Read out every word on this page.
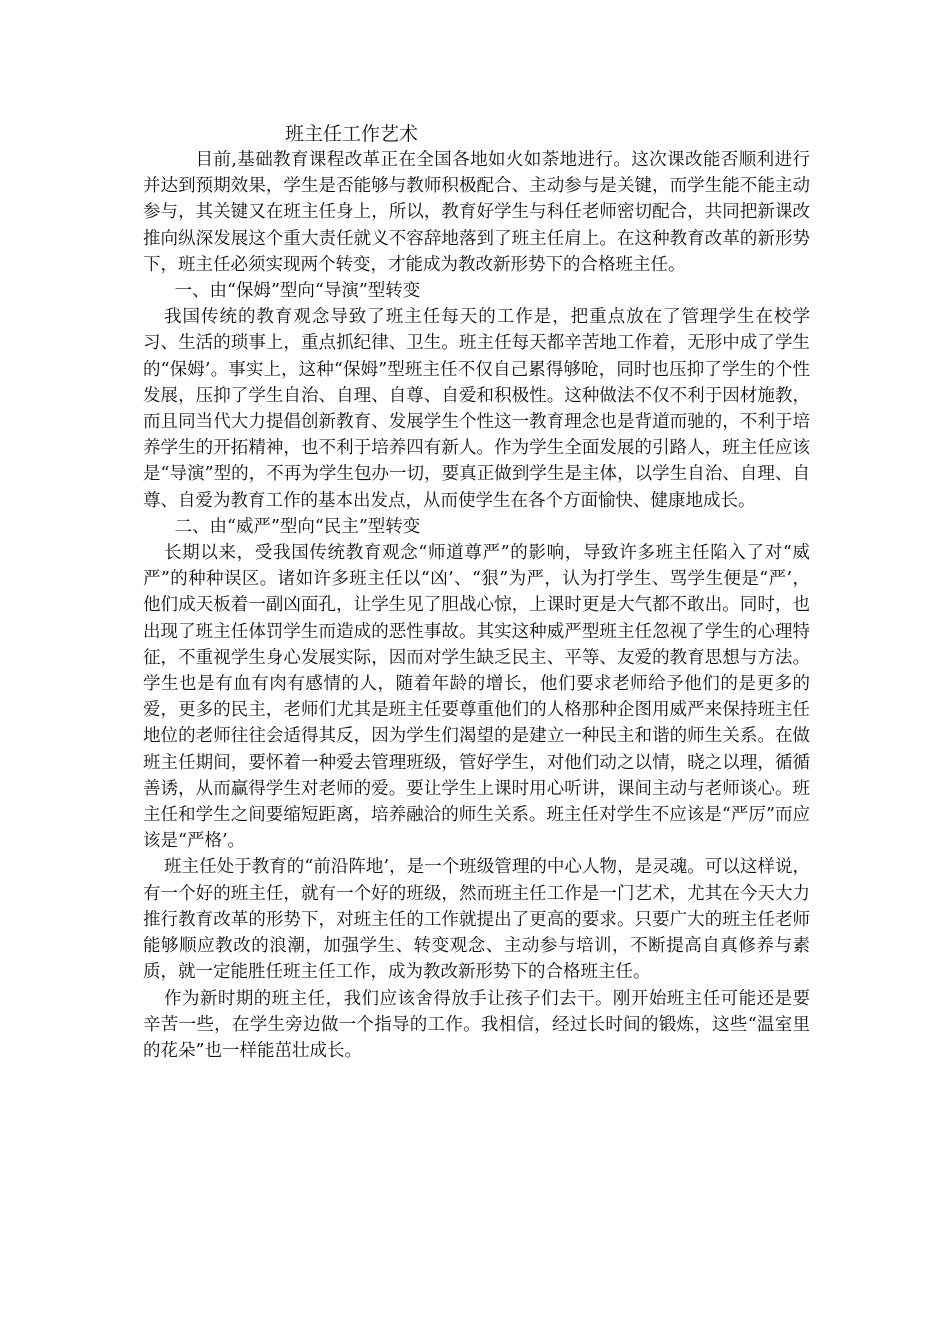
班主任工作艺术

目前,基础教育课程改革正在全国各地如火如荼地进行。这次课改能否顺利进行并达到预期效果，学生是否能够与教师积极配合、主动参与是关键，而学生能不能主动参与，其关键又在班主任身上，所以，教育好学生与科任老师密切配合，共同把新课改推向纵深发展这个重大责任就义不容辞地落到了班主任肩上。在这种教育改革的新形势下，班主任必须实现两个转变，才能成为教改新形势下的合格班主任。

一、由“保姆”型向“导演”型转变

我国传统的教育观念导致了班主任每天的工作是，把重点放在了管理学生在校学习、生活的琐事上，重点抓纪律、卫生。班主任每天都辛苦地工作着，无形中成了学生的“保姆’。事实上，这种“保姆”型班主任不仅自己累得够呛，同时也压抑了学生的个性发展，压抑了学生自治、自理、自尊、自爱和积极性。这种做法不仅不利于因材施教，而且同当代大力提倡创新教育、发展学生个性这一教育理念也是背道而驰的，不利于培养学生的开拓精神，也不利于培养四有新人。作为学生全面发展的引路人，班主任应该是“导演”型的，不再为学生包办一切，要真正做到学生是主体，以学生自治、自理、自尊、自爱为教育工作的基本出发点，从而使学生在各个方面愉快、健康地成长。

二、由“威严”型向“民主”型转变

长期以来，受我国传统教育观念“师道尊严”的影响，导致许多班主任陷入了对“威严”的种种误区。诸如许多班主任以“凶’、“狠”为严，认为打学生、骂学生便是“严’，他们成天板着一副凶面孔，让学生见了胆战心惊，上课时更是大气都不敢出。同时，也出现了班主任体罚学生而造成的恶性事故。其实这种威严型班主任忽视了学生的心理特征，不重视学生身心发展实际，因而对学生缺乏民主、平等、友爱的教育思想与方法。学生也是有血有肉有感情的人，随着年龄的增长，他们要求老师给予他们的是更多的爱，更多的民主，老师们尤其是班主任要尊重他们的人格那种企图用威严来保持班主任地位的老师往往会适得其反，因为学生们渴望的是建立一种民主和谐的师生关系。在做班主任期间，要怀着一种爱去管理班级，管好学生，对他们动之以情，晓之以理，循循善诱，从而赢得学生对老师的爱。要让学生上课时用心听讲，课间主动与老师谈心。班主任和学生之间要缩短距离，培养融洽的师生关系。班主任对学生不应该是“严厉”而应该是“严格’。

班主任处于教育的“前沿阵地’，是一个班级管理的中心人物，是灵魂。可以这样说，有一个好的班主任，就有一个好的班级，然而班主任工作是一门艺术，尤其在今天大力推行教育改革的形势下，对班主任的工作就提出了更高的要求。只要广大的班主任老师能够顺应教改的浪潮，加强学生、转变观念、主动参与培训，不断提高自真修养与素质，就一定能胜任班主任工作，成为教改新形势下的合格班主任。

作为新时期的班主任，我们应该舍得放手让孩子们去干。刚开始班主任可能还是要辛苦一些，在学生旁边做一个指导的工作。我相信，经过长时间的锻炼，这些“温室里的花朵”也一样能茁壮成长。
